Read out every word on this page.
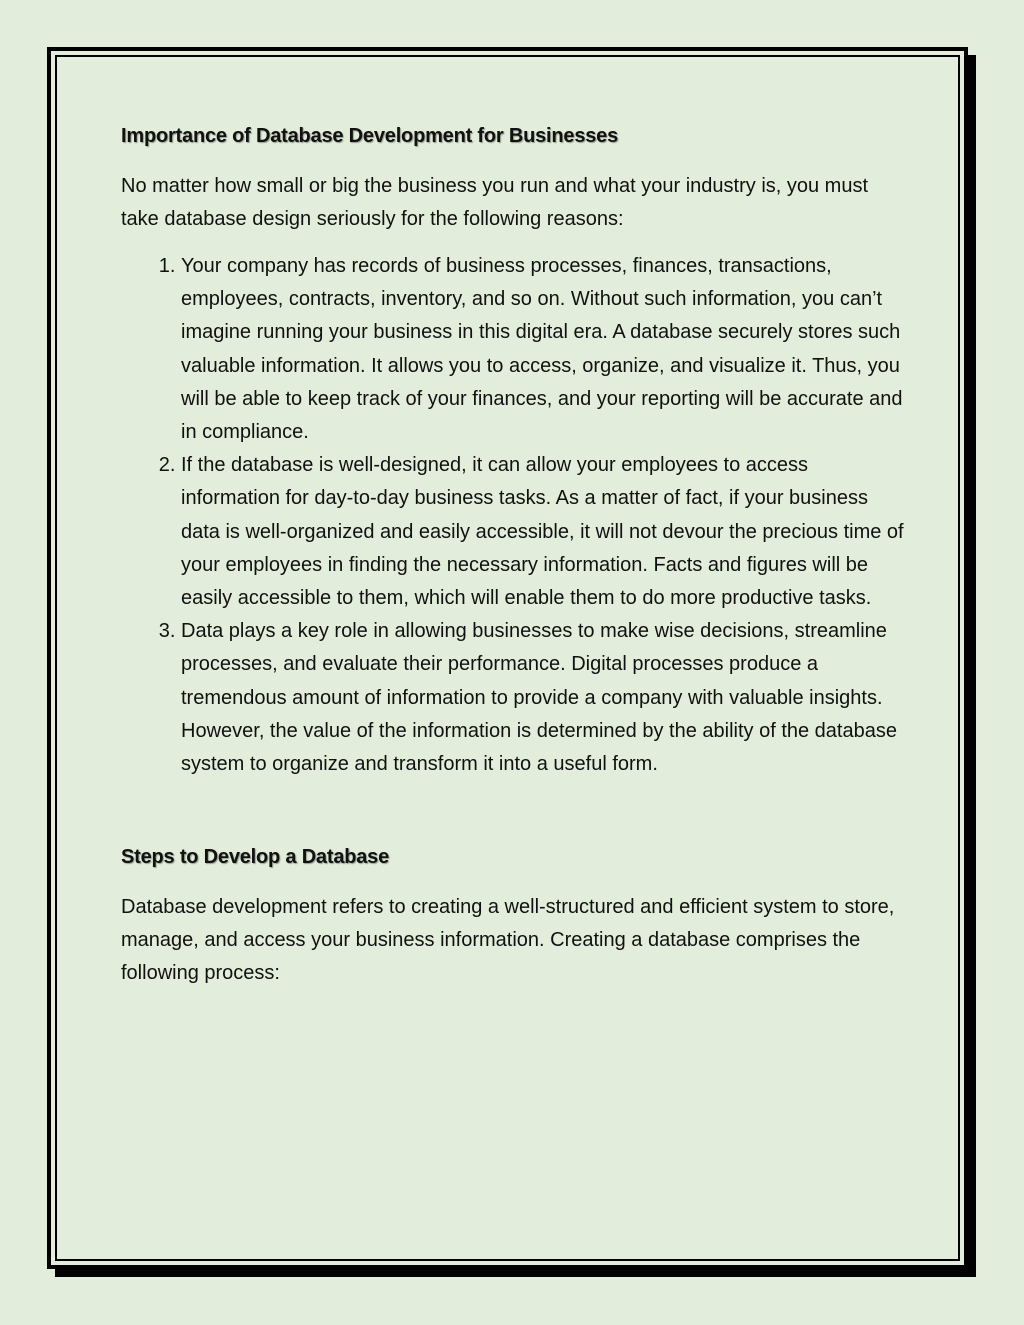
Importance of Database Development for Businesses

No matter how small or big the business you run and what your industry is, you must take database design seriously for the following reasons:

1. Your company has records of business processes, finances, transactions, employees, contracts, inventory, and so on. Without such information, you can’t imagine running your business in this digital era. A database securely stores such valuable information. It allows you to access, organize, and visualize it. Thus, you will be able to keep track of your finances, and your reporting will be accurate and in compliance.
2. If the database is well-designed, it can allow your employees to access information for day-to-day business tasks. As a matter of fact, if your business data is well-organized and easily accessible, it will not devour the precious time of your employees in finding the necessary information. Facts and figures will be easily accessible to them, which will enable them to do more productive tasks.
3. Data plays a key role in allowing businesses to make wise decisions, streamline processes, and evaluate their performance. Digital processes produce a tremendous amount of information to provide a company with valuable insights. However, the value of the information is determined by the ability of the database system to organize and transform it into a useful form.
Steps to Develop a Database

Database development refers to creating a well-structured and efficient system to store, manage, and access your business information. Creating a database comprises the following process:
